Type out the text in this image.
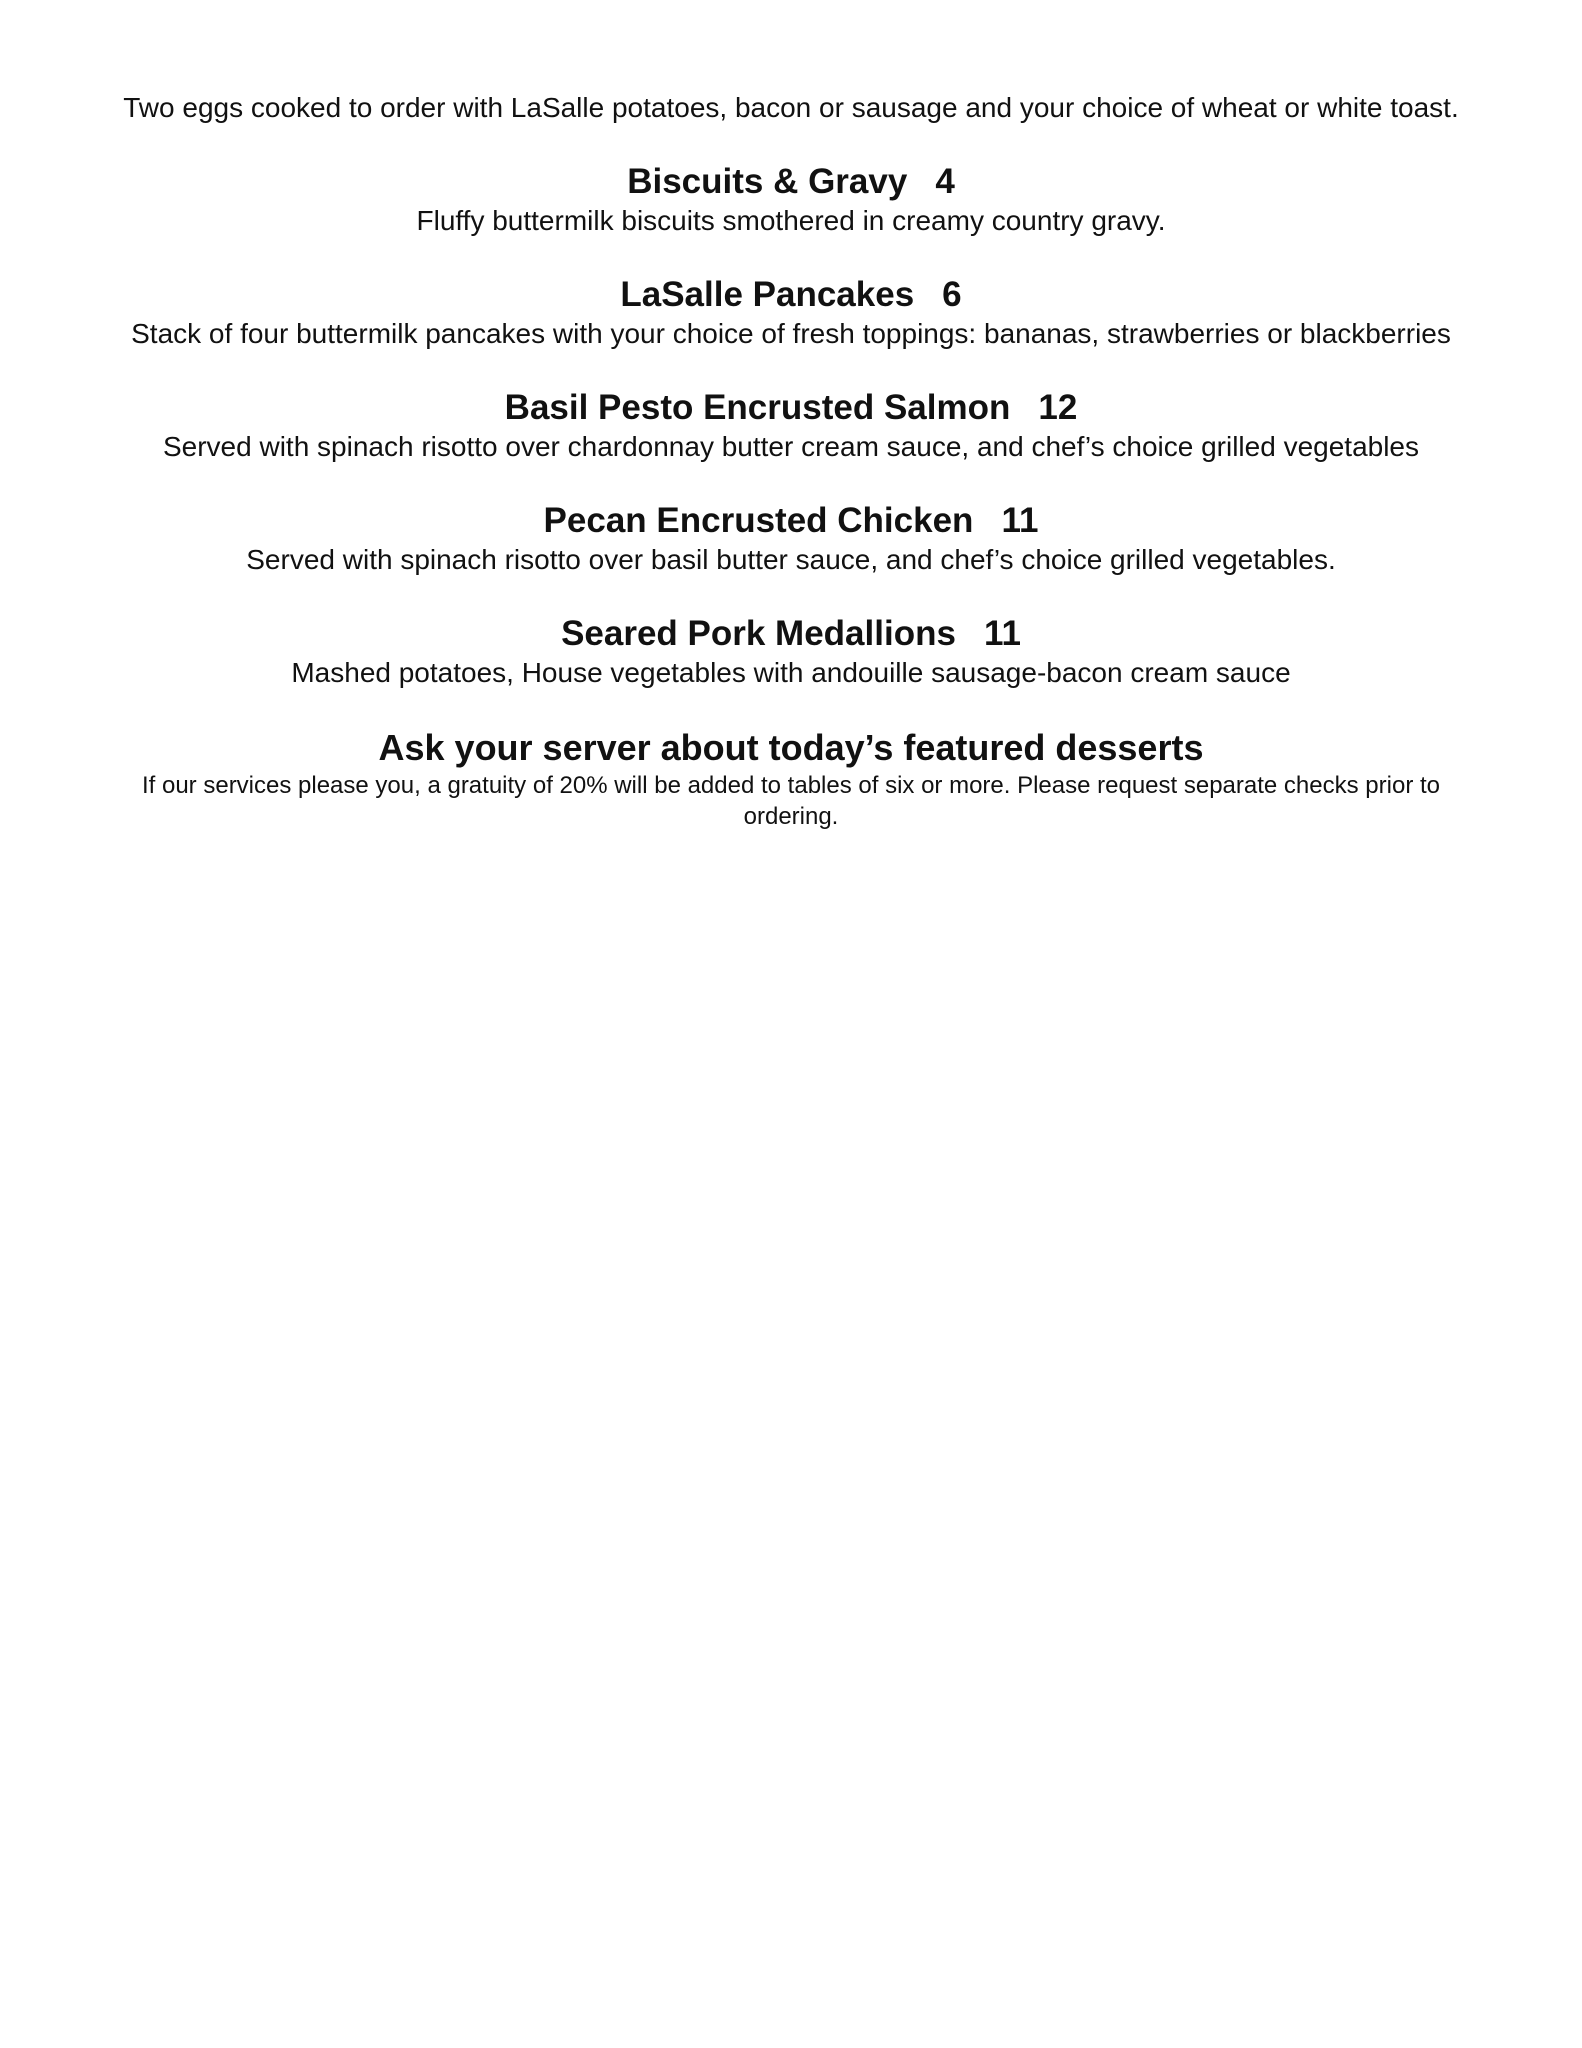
Two eggs cooked to order with LaSalle potatoes, bacon or sausage and your choice of wheat or white toast.

Biscuits & Gravy 4

Fluffy buttermilk biscuits smothered in creamy country gravy.

LaSalle Pancakes 6

Stack of four buttermilk pancakes with your choice of fresh toppings: bananas, strawberries or blackberries

Basil Pesto Encrusted Salmon 12

Served with spinach risotto over chardonnay butter cream sauce, and chef’s choice grilled vegetables

Pecan Encrusted Chicken 11

Served with spinach risotto over basil butter sauce, and chef’s choice grilled vegetables.

Seared Pork Medallions 11

Mashed potatoes, House vegetables with andouille sausage-bacon cream sauce

Ask your server about today’s featured desserts

If our services please you, a gratuity of 20% will be added to tables of six or more. Please request separate checks prior to ordering.
